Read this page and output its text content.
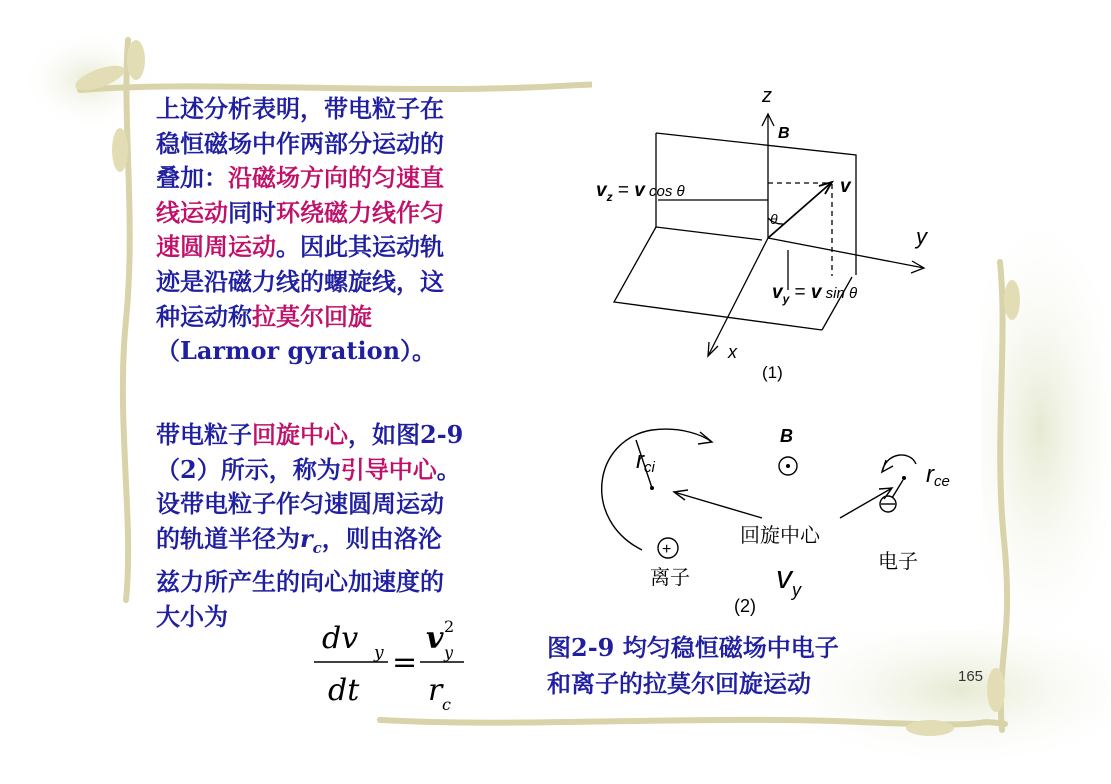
上述分析表明，带电粒子在
稳恒磁场中作两部分运动的
叠加：沿磁场方向的匀速直
线运动同时环绕磁力线作匀
速圆周运动。因此其运动轨
迹是沿磁力线的螺旋线，这
种运动称拉莫尔回旋
（Larmor gyration）。
带电粒子回旋中心，如图2-9
（2）所示，称为引导中心。
设带电粒子作匀速圆周运动
的轨道半径为$r_c$，则由洛沦
兹力所产生的向心加速度的
大小为
dv y
dt
=
v 2
y
r c
z
B
$v_z = v$ cos θ	v
θ
y
$v_y = v$ sin θ
x
(1)
B
rci	rce
+
离子
回旋中心
电子
$v_y$
(2)
图2-9 均匀稳恒磁场中电子
和离子的拉莫尔回旋运动	165
